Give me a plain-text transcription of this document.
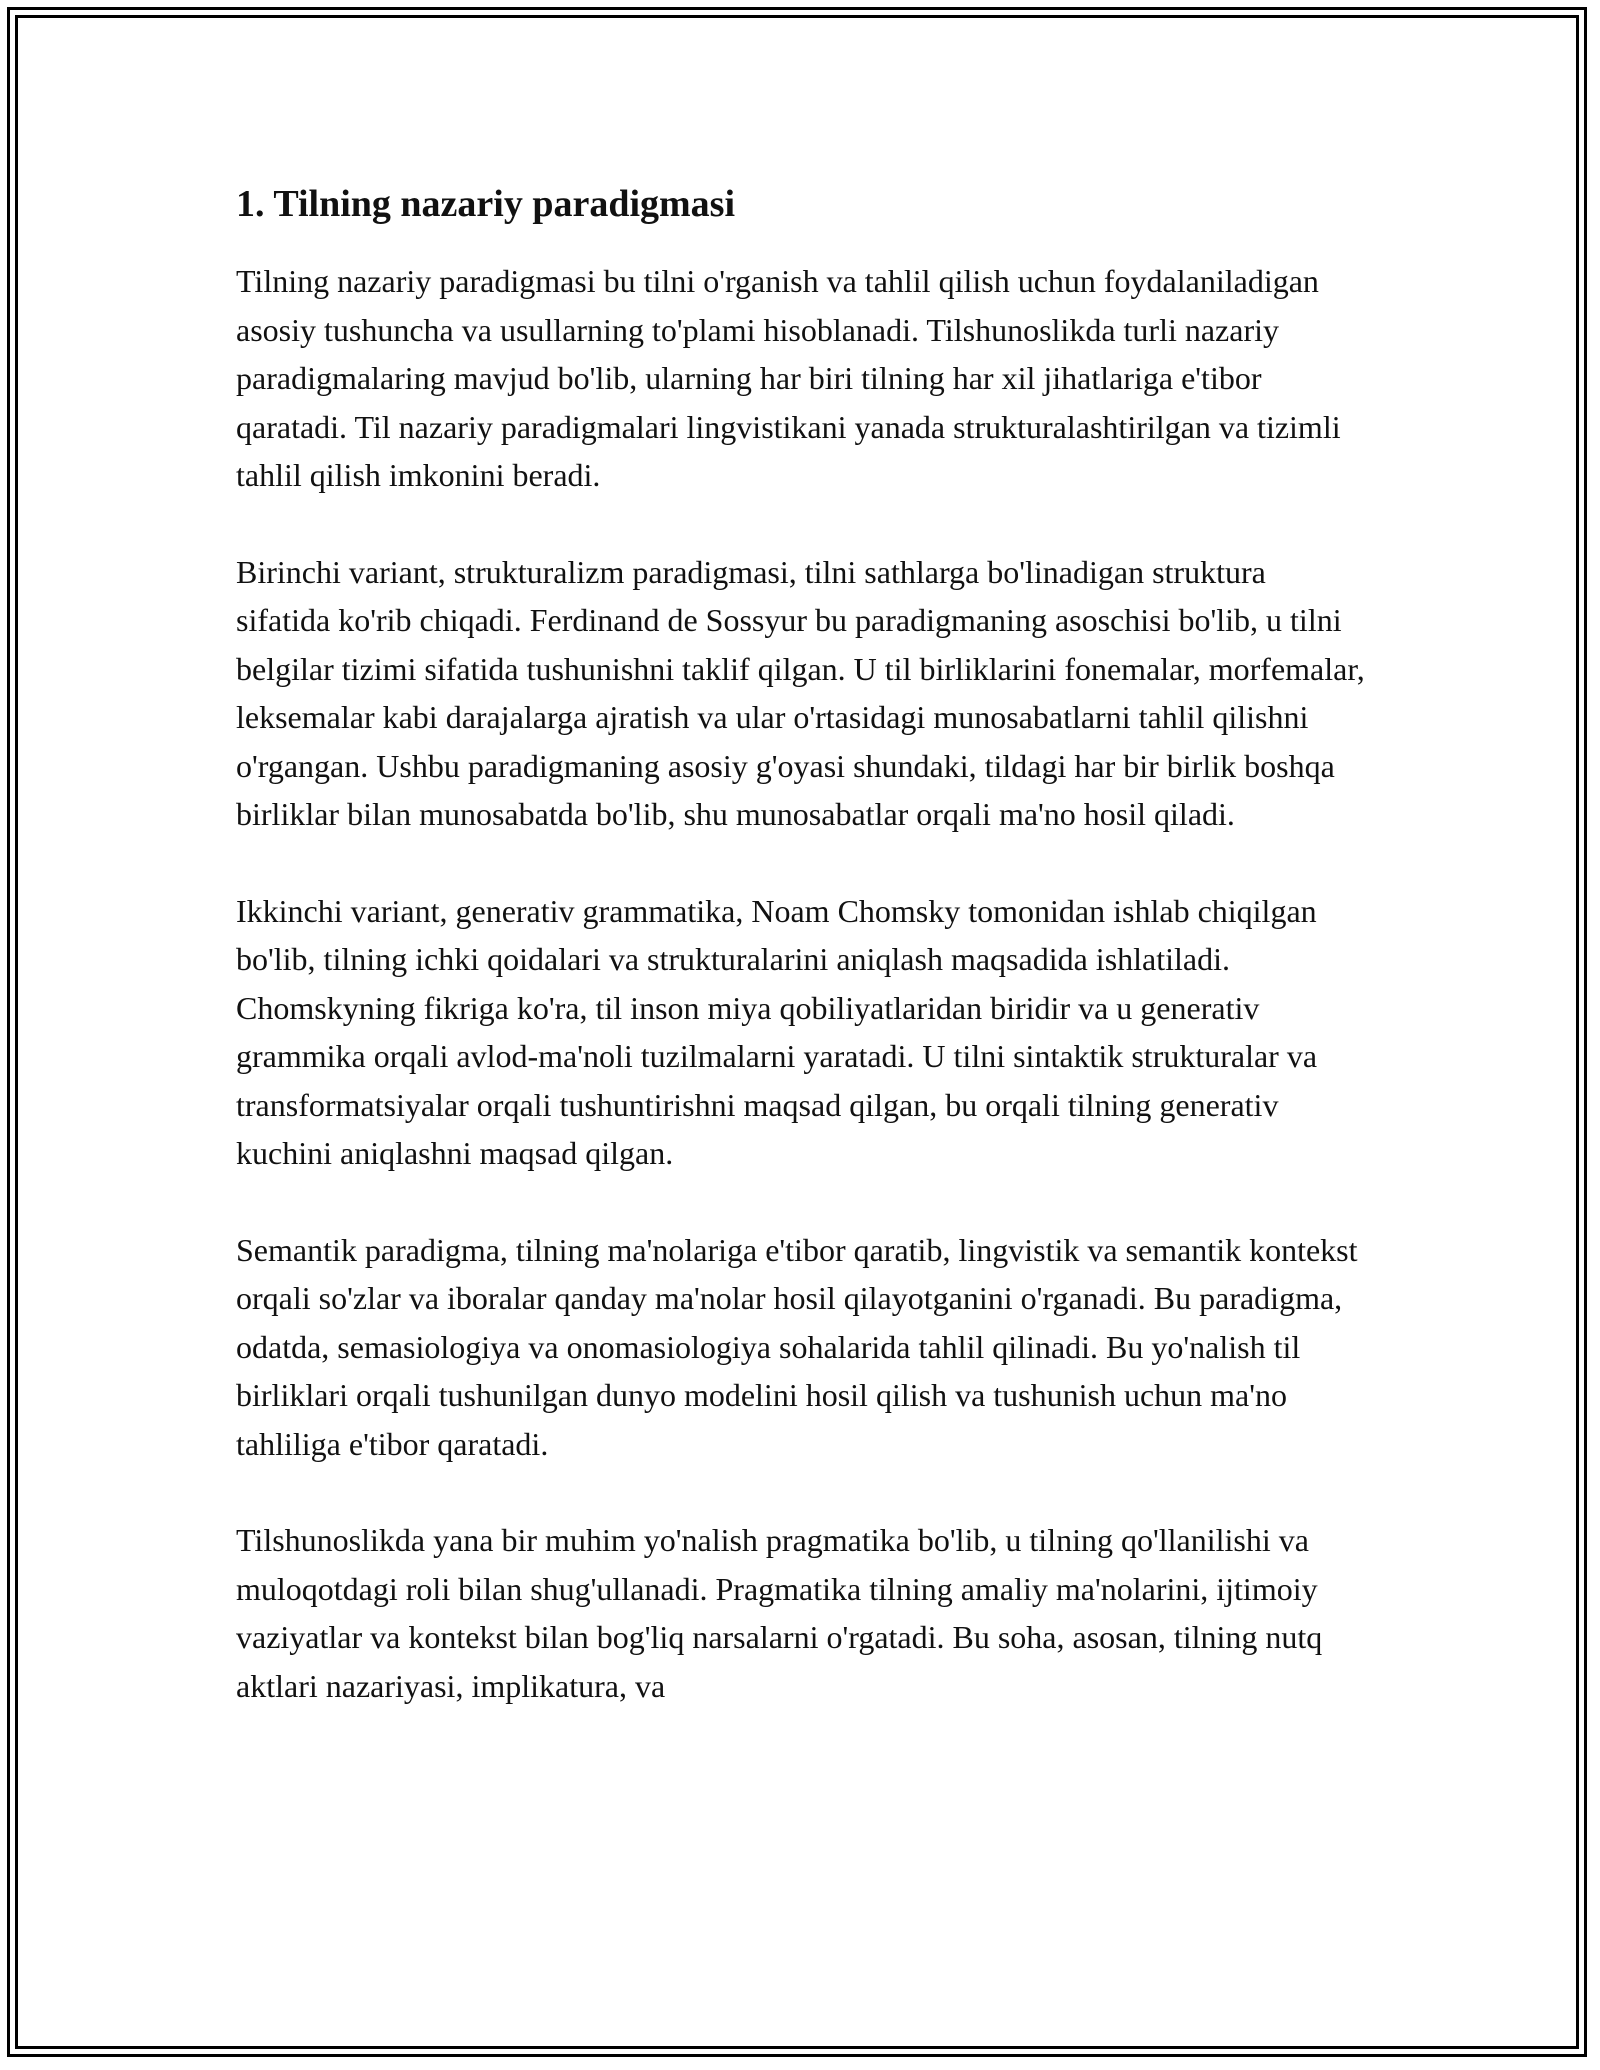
1. Tilning nazariy paradigmasi

Tilning nazariy paradigmasi bu tilni o'rganish va tahlil qilish uchun foydalaniladigan asosiy tushuncha va usullarning to'plami hisoblanadi. Tilshunoslikda turli nazariy paradigmalaring mavjud bo'lib, ularning har biri tilning har xil jihatlariga e'tibor qaratadi. Til nazariy paradigmalari lingvistikani yanada strukturalashtirilgan va tizimli tahlil qilish imkonini beradi.

Birinchi variant, strukturalizm paradigmasi, tilni sathlarga bo'linadigan struktura sifatida ko'rib chiqadi. Ferdinand de Sossyur bu paradigmaning asoschisi bo'lib, u tilni belgilar tizimi sifatida tushunishni taklif qilgan. U til birliklarini fonemalar, morfemalar, leksemalar kabi darajalarga ajratish va ular o'rtasidagi munosabatlarni tahlil qilishni o'rgangan. Ushbu paradigmaning asosiy g'oyasi shundaki, tildagi har bir birlik boshqa birliklar bilan munosabatda bo'lib, shu munosabatlar orqali ma'no hosil qiladi.

Ikkinchi variant, generativ grammatika, Noam Chomsky tomonidan ishlab chiqilgan bo'lib, tilning ichki qoidalari va strukturalarini aniqlash maqsadida ishlatiladi. Chomskyning fikriga ko'ra, til inson miya qobiliyatlaridan biridir va u generativ grammika orqali avlod-ma'noli tuzilmalarni yaratadi. U tilni sintaktik strukturalar va transformatsiyalar orqali tushuntirishni maqsad qilgan, bu orqali tilning generativ kuchini aniqlashni maqsad qilgan.

Semantik paradigma, tilning ma'nolariga e'tibor qaratib, lingvistik va semantik kontekst orqali so'zlar va iboralar qanday ma'nolar hosil qilayotganini o'rganadi. Bu paradigma, odatda, semasiologiya va onomasiologiya sohalarida tahlil qilinadi. Bu yo'nalish til birliklari orqali tushunilgan dunyo modelini hosil qilish va tushunish uchun ma'no tahliliga e'tibor qaratadi.

Tilshunoslikda yana bir muhim yo'nalish pragmatika bo'lib, u tilning qo'llanilishi va muloqotdagi roli bilan shug'ullanadi. Pragmatika tilning amaliy ma'nolarini, ijtimoiy vaziyatlar va kontekst bilan bog'liq narsalarni o'rgatadi. Bu soha, asosan, tilning nutq aktlari nazariyasi, implikatura, va
